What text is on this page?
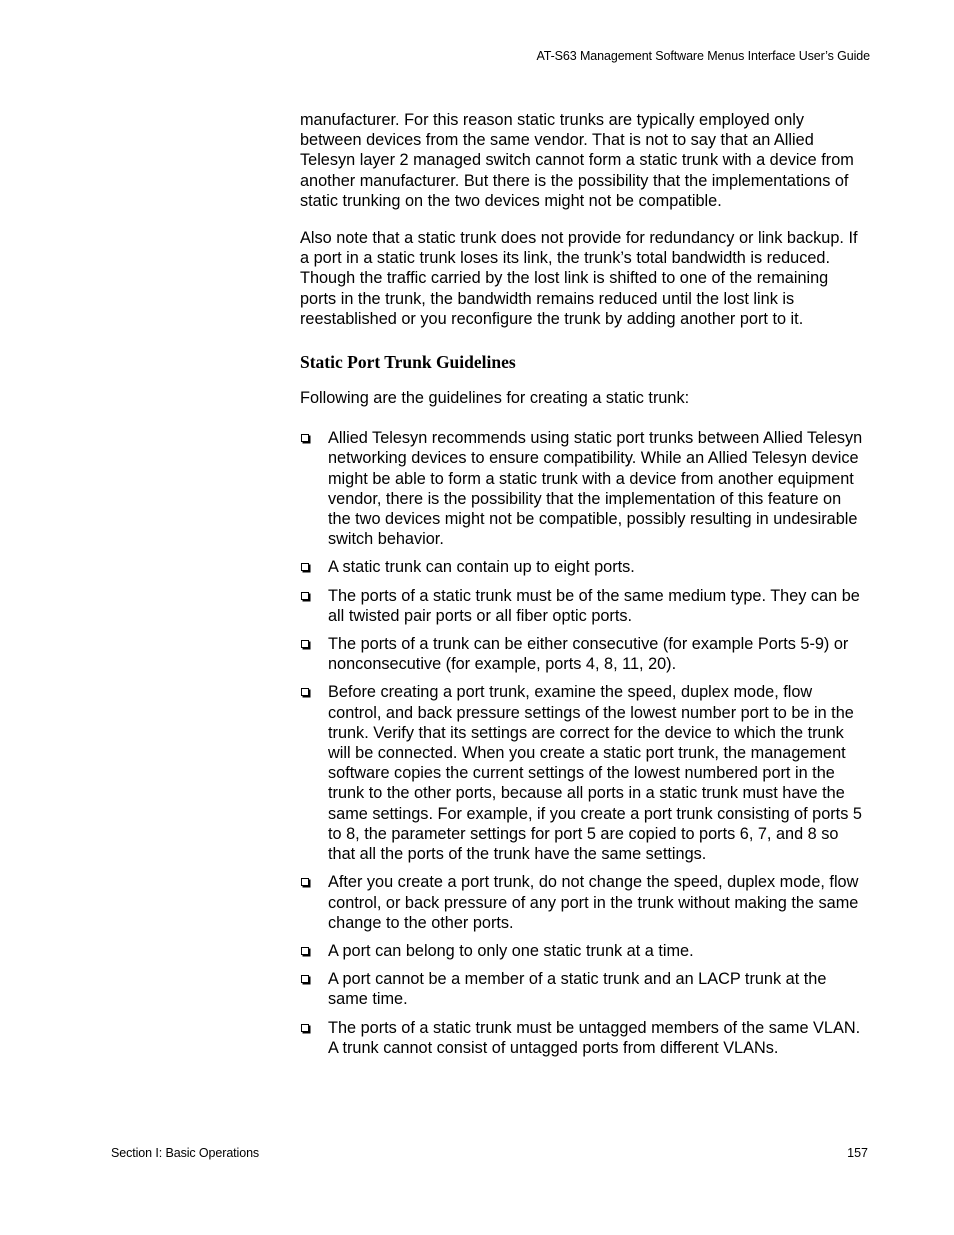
AT-S63 Management Software Menus Interface User’s Guide

manufacturer. For this reason static trunks are typically employed only between devices from the same vendor. That is not to say that an Allied Telesyn layer 2 managed switch cannot form a static trunk with a device from another manufacturer. But there is the possibility that the implementations of static trunking on the two devices might not be compatible.

Also note that a static trunk does not provide for redundancy or link backup. If a port in a static trunk loses its link, the trunk’s total bandwidth is reduced. Though the traffic carried by the lost link is shifted to one of the remaining ports in the trunk, the bandwidth remains reduced until the lost link is reestablished or you reconfigure the trunk by adding another port to it.

Static Port Trunk Guidelines

Following are the guidelines for creating a static trunk:

Allied Telesyn recommends using static port trunks between Allied Telesyn networking devices to ensure compatibility. While an Allied Telesyn device might be able to form a static trunk with a device from another equipment vendor, there is the possibility that the implementation of this feature on the two devices might not be compatible, possibly resulting in undesirable switch behavior.
A static trunk can contain up to eight ports.
The ports of a static trunk must be of the same medium type. They can be all twisted pair ports or all fiber optic ports.
The ports of a trunk can be either consecutive (for example Ports 5-9) or nonconsecutive (for example, ports 4, 8, 11, 20).
Before creating a port trunk, examine the speed, duplex mode, flow control, and back pressure settings of the lowest number port to be in the trunk. Verify that its settings are correct for the device to which the trunk will be connected. When you create a static port trunk, the management software copies the current settings of the lowest numbered port in the trunk to the other ports, because all ports in a static trunk must have the same settings. For example, if you create a port trunk consisting of ports 5 to 8, the parameter settings for port 5 are copied to ports 6, 7, and 8 so that all the ports of the trunk have the same settings.
After you create a port trunk, do not change the speed, duplex mode, flow control, or back pressure of any port in the trunk without making the same change to the other ports.
A port can belong to only one static trunk at a time.
A port cannot be a member of a static trunk and an LACP trunk at the same time.
The ports of a static trunk must be untagged members of the same VLAN. A trunk cannot consist of untagged ports from different VLANs.
Section I: Basic Operations	157
